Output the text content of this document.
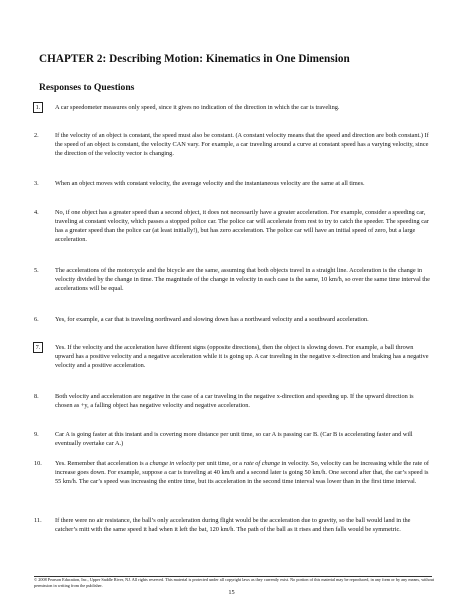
CHAPTER 2: Describing Motion: Kinematics in One Dimension
Responses to Questions
1.	A car speedometer measures only speed, since it gives no indication of the direction in which the car is traveling.
2.	If the velocity of an object is constant, the speed must also be constant. (A constant velocity means that the speed and direction are both constant.) If the speed of an object is constant, the velocity CAN vary. For example, a car traveling around a curve at constant speed has a varying velocity, since the direction of the velocity vector is changing.
3.	When an object moves with constant velocity, the average velocity and the instantaneous velocity are the same at all times.
4.	No, if one object has a greater speed than a second object, it does not necessarily have a greater acceleration. For example, consider a speeding car, traveling at constant velocity, which passes a stopped police car. The police car will accelerate from rest to try to catch the speeder. The speeding car has a greater speed than the police car (at least initially!), but has zero acceleration. The police car will have an initial speed of zero, but a large acceleration.
5.	The accelerations of the motorcycle and the bicycle are the same, assuming that both objects travel in a straight line. Acceleration is the change in velocity divided by the change in time. The magnitude of the change in velocity in each case is the same, 10 km/h, so over the same time interval the accelerations will be equal.
6.	Yes, for example, a car that is traveling northward and slowing down has a northward velocity and a southward acceleration.
7.	Yes. If the velocity and the acceleration have different signs (opposite directions), then the object is slowing down. For example, a ball thrown upward has a positive velocity and a negative acceleration while it is going up. A car traveling in the negative x-direction and braking has a negative velocity and a positive acceleration.
8.	Both velocity and acceleration are negative in the case of a car traveling in the negative x-direction and speeding up. If the upward direction is chosen as +y, a falling object has negative velocity and negative acceleration.
9.	Car A is going faster at this instant and is covering more distance per unit time, so car A is passing car B. (Car B is accelerating faster and will eventually overtake car A.)
10.	Yes. Remember that acceleration is a change in velocity per unit time, or a rate of change in velocity. So, velocity can be increasing while the rate of increase goes down. For example, suppose a car is traveling at 40 km/h and a second later is going 50 km/h. One second after that, the car’s speed is 55 km/h. The car’s speed was increasing the entire time, but its acceleration in the second time interval was lower than in the first time interval.
11.	If there were no air resistance, the ball’s only acceleration during flight would be the acceleration due to gravity, so the ball would land in the catcher’s mitt with the same speed it had when it left the bat, 120 km/h. The path of the ball as it rises and then falls would be symmetric.
© 2008 Pearson Education, Inc., Upper Saddle River, NJ. All rights reserved. This material is protected under all copyright laws as they currently exist. No portion of this material may be reproduced, in any form or by any means, without permission in writing from the publisher.
15
